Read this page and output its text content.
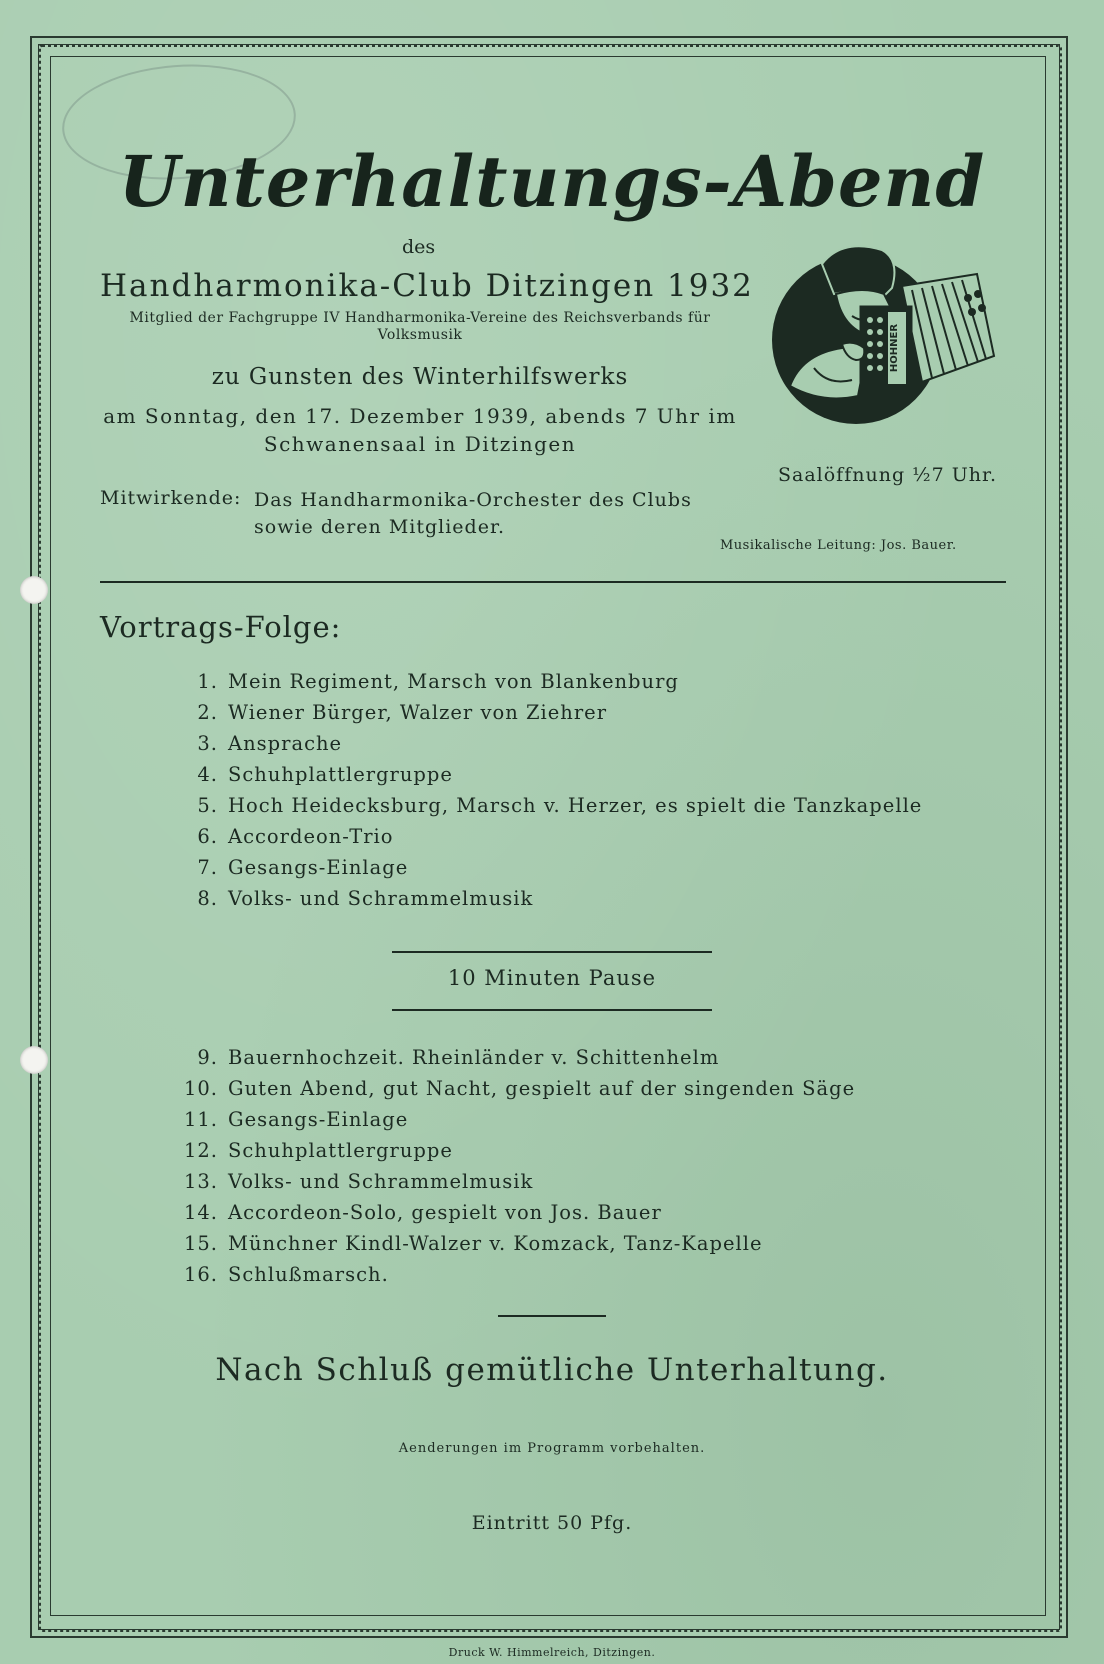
Unterhaltungs-Abend
des
Handharmonika-Club Ditzingen 1932
Mitglied der Fachgruppe IV Handharmonika-Vereine des Reichsverbands für Volksmusik
zu Gunsten des Winterhilfswerks
am Sonntag, den 17. Dezember 1939, abends 7 Uhr im
Schwanensaal in Ditzingen
HOHNER
Saalöffnung ½7 Uhr.
Mitwirkende: Das Handharmonika-Orchester des Clubs
sowie deren Mitglieder.
Musikalische Leitung: Jos. Bauer.
Vortrags-Folge:
1. Mein Regiment, Marsch von Blankenburg
2. Wiener Bürger, Walzer von Ziehrer
3. Ansprache
4. Schuhplattlergruppe
5. Hoch Heidecksburg, Marsch v. Herzer, es spielt die Tanzkapelle
6. Accordeon-Trio
7. Gesangs-Einlage
8. Volks- und Schrammelmusik
10 Minuten Pause
9. Bauernhochzeit. Rheinländer v. Schittenhelm
10. Guten Abend, gut Nacht, gespielt auf der singenden Säge
11. Gesangs-Einlage
12. Schuhplattlergruppe
13. Volks- und Schrammelmusik
14. Accordeon-Solo, gespielt von Jos. Bauer
15. Münchner Kindl-Walzer v. Komzack, Tanz-Kapelle
16. Schlußmarsch.
Nach Schluß gemütliche Unterhaltung.
Aenderungen im Programm vorbehalten.
Eintritt 50 Pfg.
Druck W. Himmelreich, Ditzingen.
